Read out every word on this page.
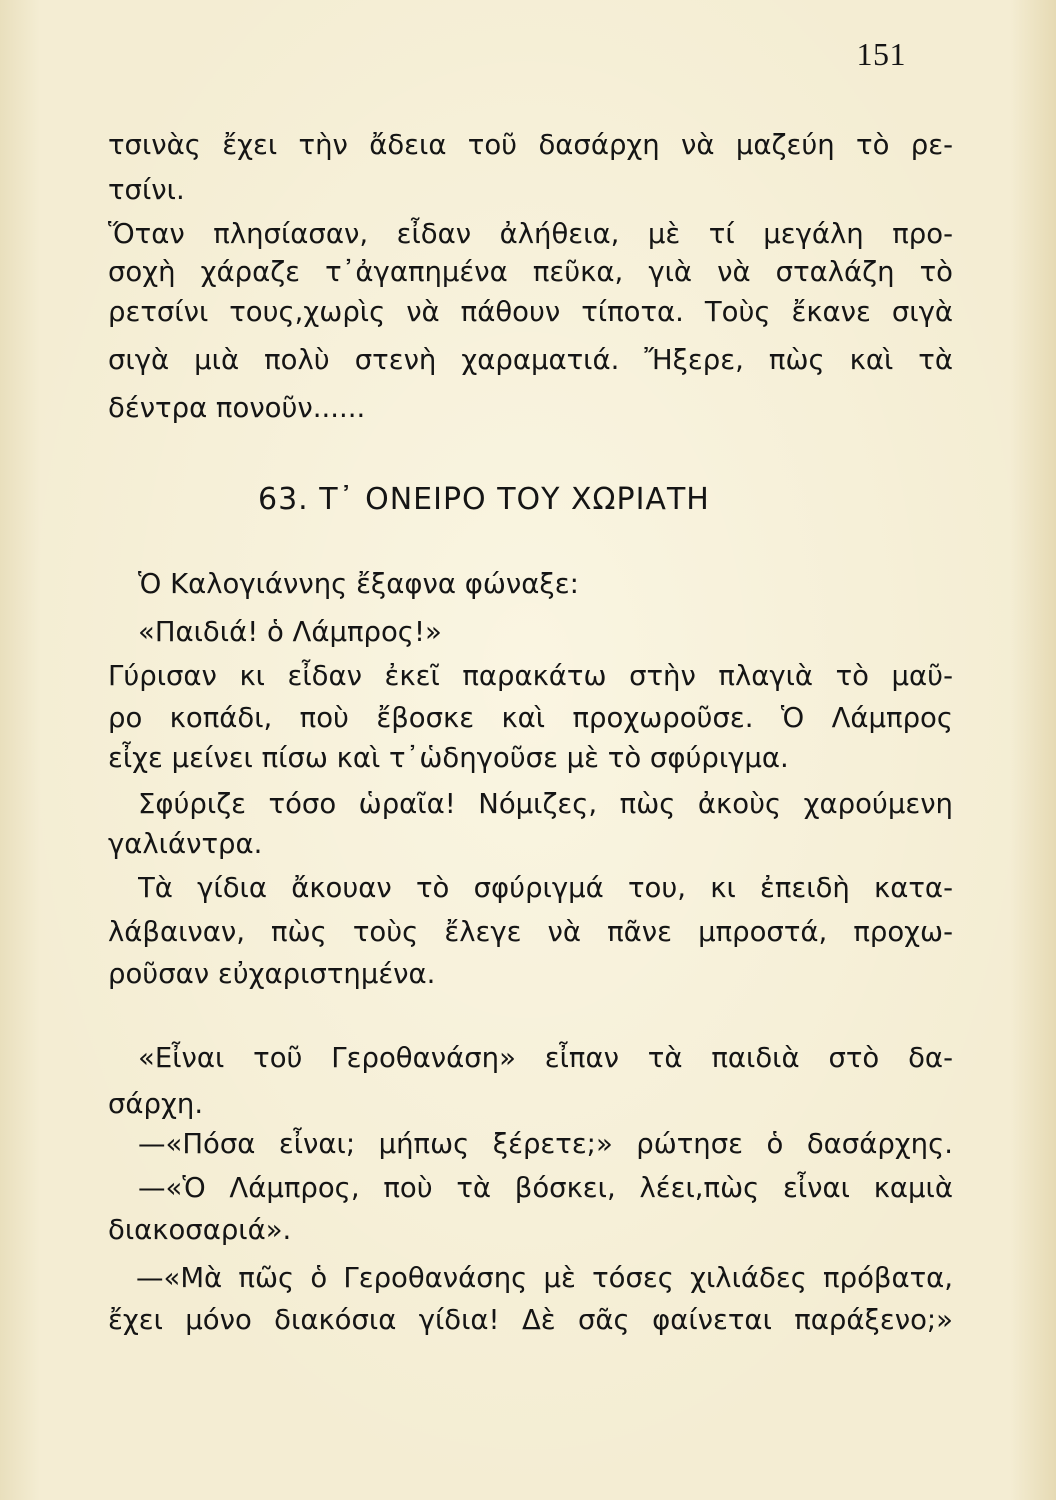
151

τσινὰς ἔχει τὴν ἄδεια τοῦ δασάρχη νὰ μαζεύη τὸ ρε-

τσίνι.

Ὅταν πλησίασαν, εἶδαν ἀλήθεια, μὲ τί μεγάλη προ-

σοχὴ χάραζε τ᾽ἀγαπημένα πεῦκα, γιὰ νὰ σταλάζη τὸ

ρετσίνι τους,χωρὶς νὰ πάθουν τίποτα. Τοὺς ἔκανε σιγὰ

σιγὰ μιὰ πολὺ στενὴ χαραματιά. Ἤξερε, πὼς καὶ τὰ

δέντρα πονοῦν......

63. Τ᾽ ΟΝΕΙΡΟ ΤΟΥ ΧΩΡΙΑΤΗ

Ὁ Καλογιάννης ἔξαφνα φώναξε:

«Παιδιά! ὁ Λάμπρος!»

Γύρισαν κι εἶδαν ἐκεῖ παρακάτω στὴν πλαγιὰ τὸ μαῦ-

ρο κοπάδι, ποὺ ἔβοσκε καὶ προχωροῦσε. Ὁ Λάμπρος

εἶχε μείνει πίσω καὶ τ᾽ὡδηγοῦσε μὲ τὸ σφύριγμα.

Σφύριζε τόσο ὡραῖα! Νόμιζες, πὼς ἀκοὺς χαρούμενη

γαλιάντρα.

Τὰ γίδια ἄκουαν τὸ σφύριγμά του, κι ἐπειδὴ κατα-

λάβαιναν, πὼς τοὺς ἔλεγε νὰ πᾶνε μπροστά, προχω-

ροῦσαν εὐχαριστημένα.

«Εἶναι τοῦ Γεροθανάση» εἶπαν τὰ παιδιὰ στὸ δα-

σάρχη.

—«Πόσα εἶναι; μήπως ξέρετε;» ρώτησε ὁ δασάρχης.

—«Ὁ Λάμπρος, ποὺ τὰ βόσκει, λέει,πὼς εἶναι καμιὰ

διακοσαριά».

—«Μὰ πῶς ὁ Γεροθανάσης μὲ τόσες χιλιάδες πρόβατα,

ἔχει μόνο διακόσια γίδια! Δὲ σᾶς φαίνεται παράξενο;»
